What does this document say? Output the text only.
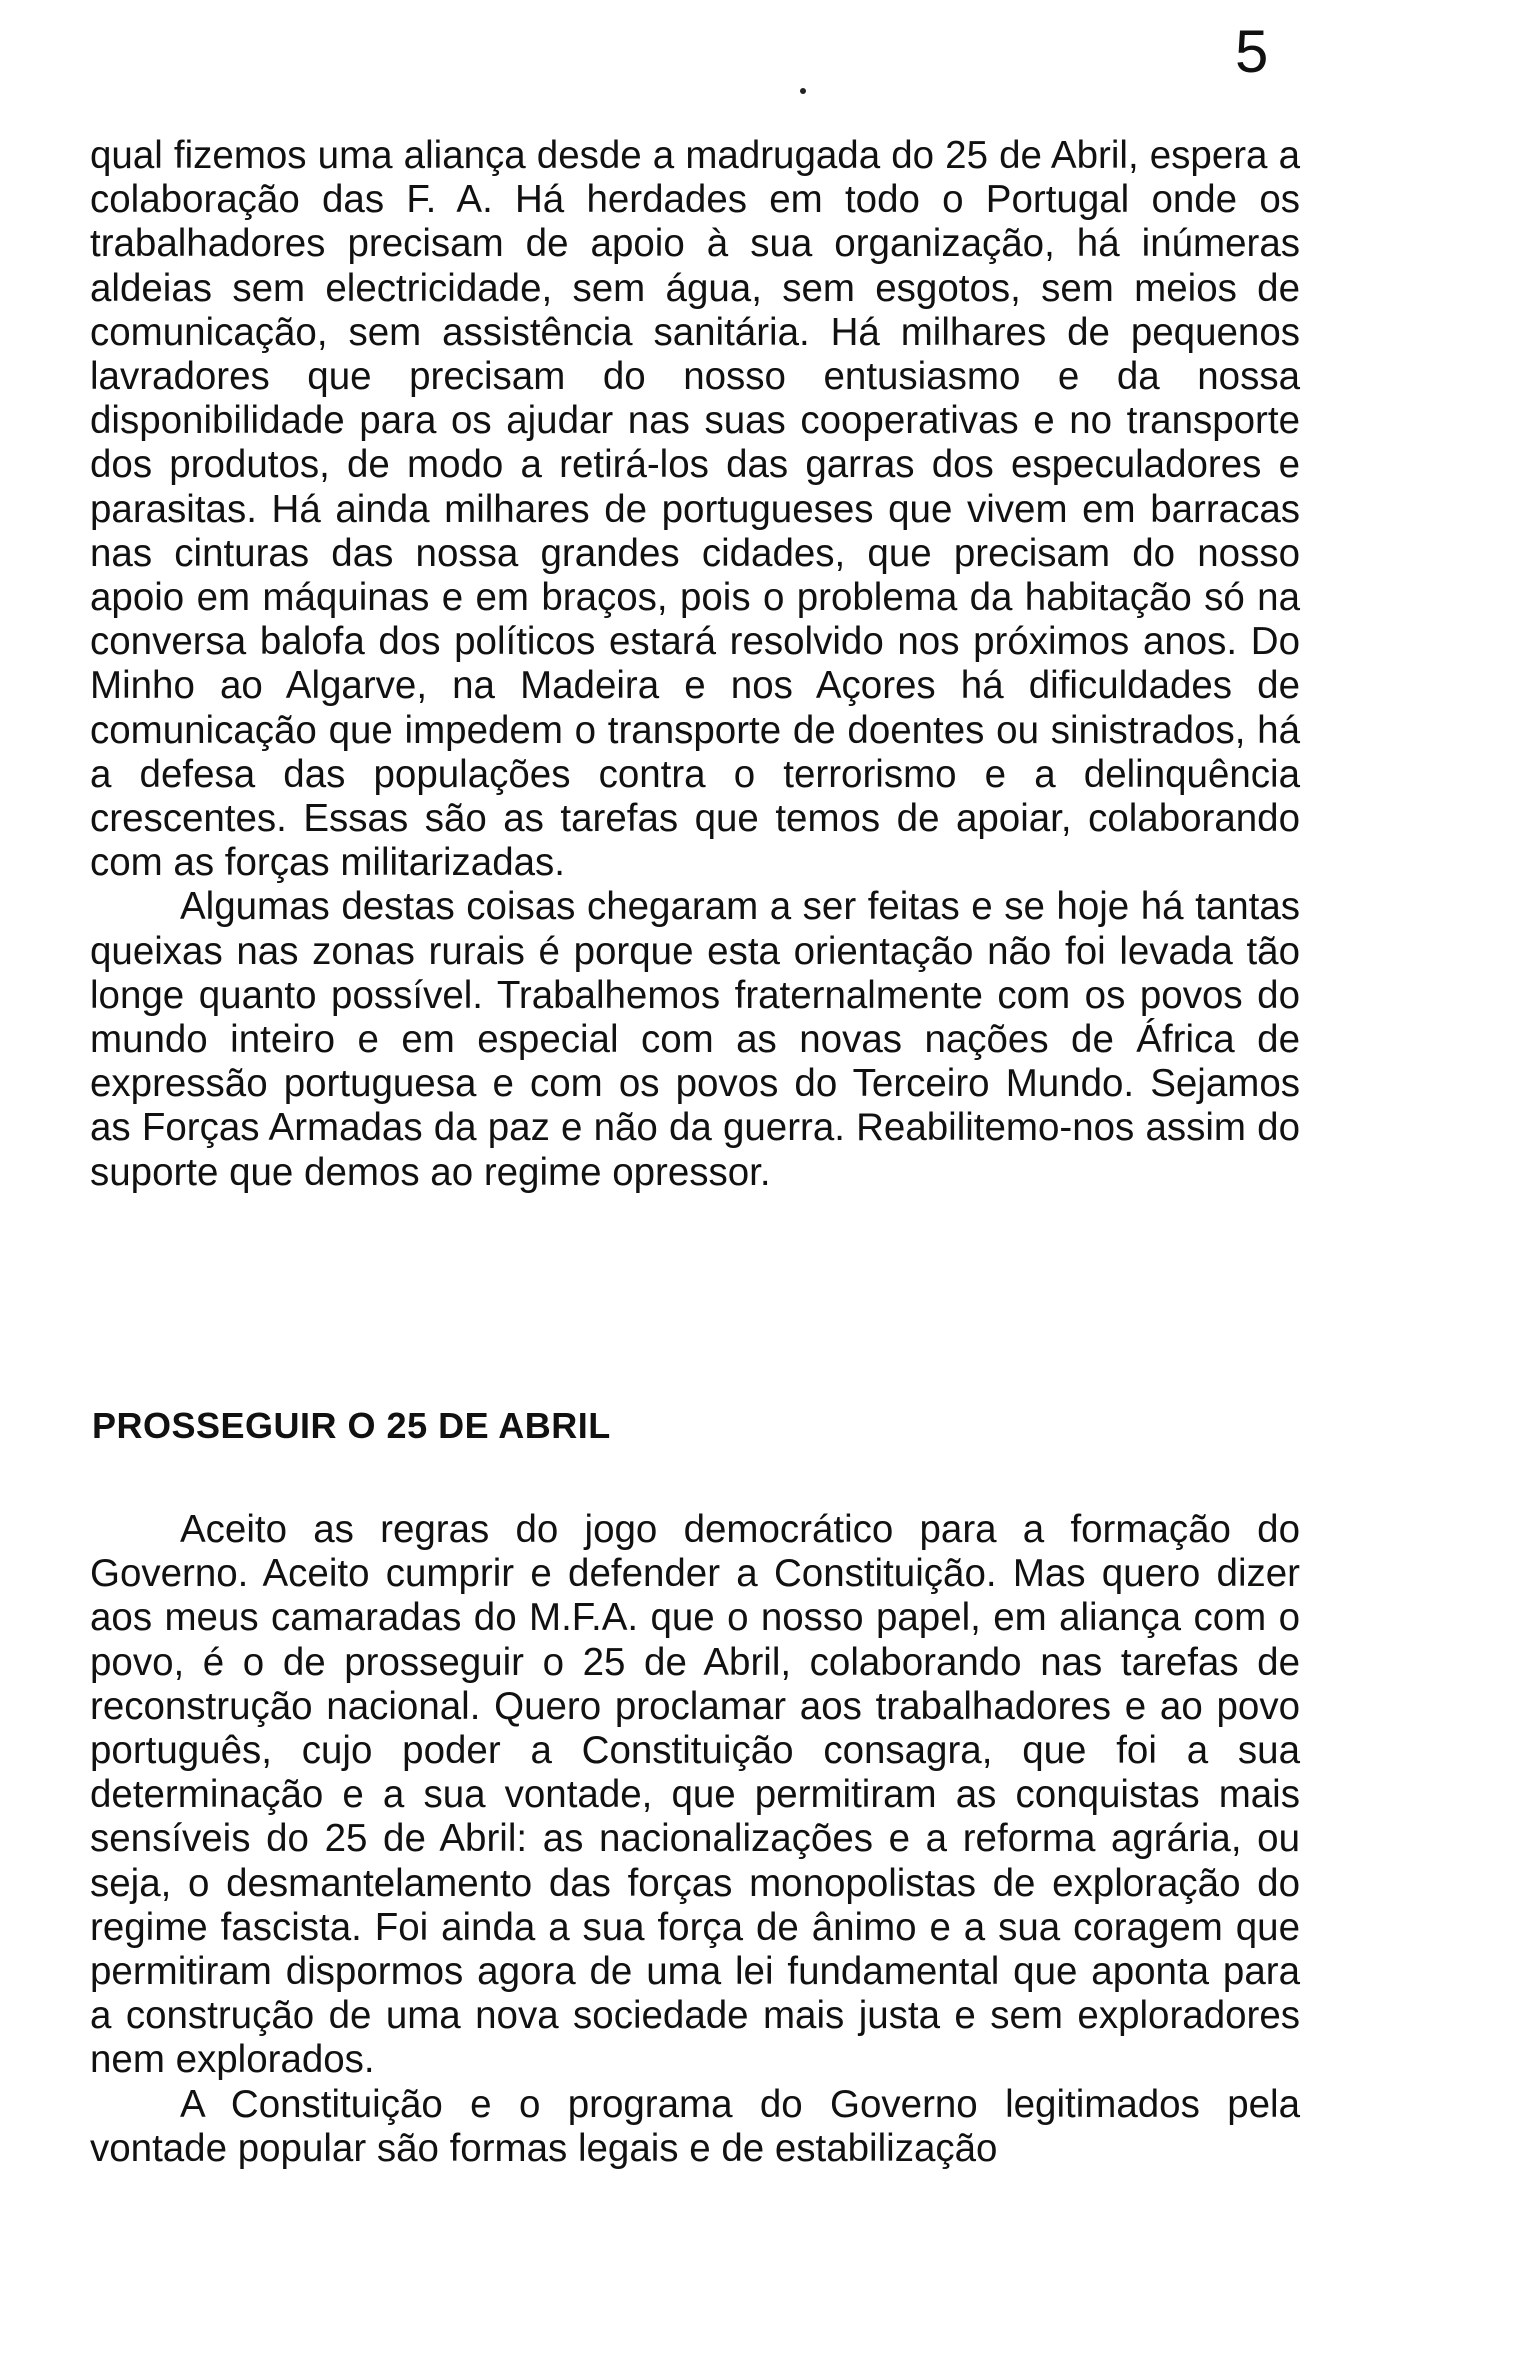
5

qual fizemos uma aliança desde a madrugada do 25 de Abril, espera a colaboração das F. A. Há herdades em todo o Portugal onde os trabalhadores precisam de apoio à sua organização, há inúmeras aldeias sem electricidade, sem água, sem esgotos, sem meios de comunicação, sem assistência sanitária. Há milhares de pequenos lavradores que precisam do nosso entusiasmo e da nossa disponibilidade para os ajudar nas suas cooperativas e no transporte dos produtos, de modo a retirá-los das garras dos especuladores e parasitas. Há ainda milhares de portugueses que vivem em barracas nas cinturas das nossa grandes cidades, que precisam do nosso apoio em máquinas e em braços, pois o problema da habitação só na conversa balofa dos políticos estará resolvido nos próximos anos. Do Minho ao Algarve, na Madeira e nos Açores há dificuldades de comunicação que impedem o transporte de doentes ou sinistrados, há a defesa das populações contra o terrorismo e a delinquência crescentes. Essas são as tarefas que temos de apoiar, colaborando com as forças militarizadas.

Algumas destas coisas chegaram a ser feitas e se hoje há tantas queixas nas zonas rurais é porque esta orientação não foi levada tão longe quanto possível. Trabalhemos fraternalmente com os povos do mundo inteiro e em especial com as novas nações de África de expressão portuguesa e com os povos do Terceiro Mundo. Sejamos as Forças Armadas da paz e não da guerra. Reabilitemo-nos assim do suporte que demos ao regime opressor.

PROSSEGUIR O 25 DE ABRIL

Aceito as regras do jogo democrático para a formação do Governo. Aceito cumprir e defender a Constituição. Mas quero dizer aos meus camaradas do M.F.A. que o nosso papel, em aliança com o povo, é o de prosseguir o 25 de Abril, colaborando nas tarefas de reconstrução nacional. Quero proclamar aos trabalhadores e ao povo português, cujo poder a Constituição consagra, que foi a sua determinação e a sua vontade, que permitiram as conquistas mais sensíveis do 25 de Abril: as nacionalizações e a reforma agrária, ou seja, o desmantelamento das forças monopolistas de exploração do regime fascista. Foi ainda a sua força de ânimo e a sua coragem que permitiram dispormos agora de uma lei fundamental que aponta para a construção de uma nova sociedade mais justa e sem exploradores nem explorados.

A Constituição e o programa do Governo legitimados pela vontade popular são formas legais e de estabilização
